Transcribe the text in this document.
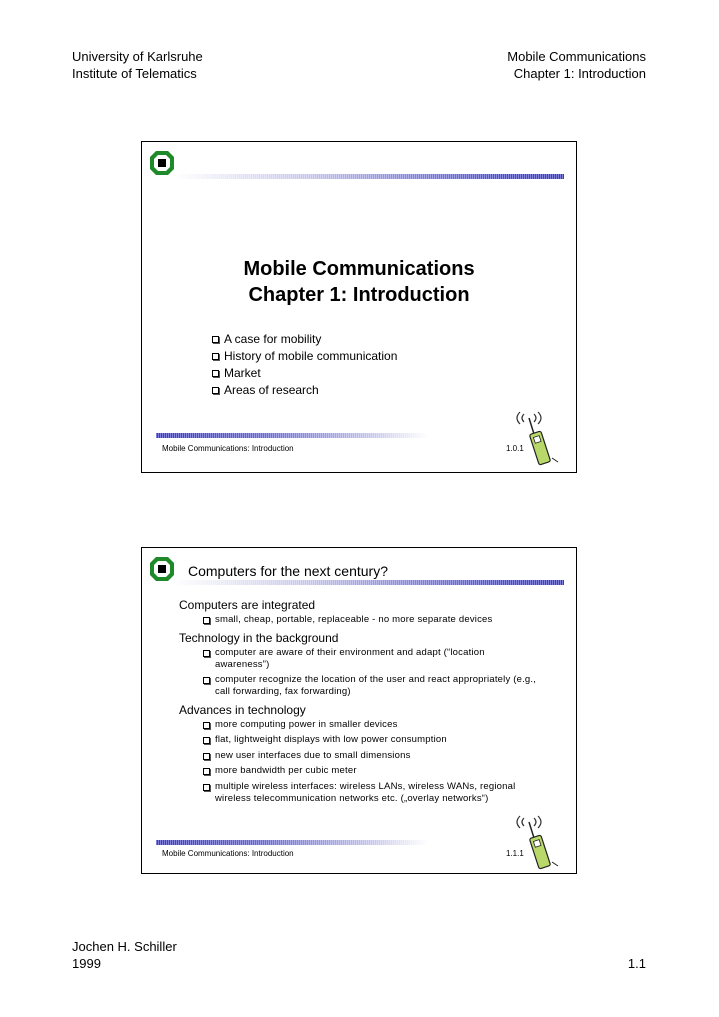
University of Karlsruhe
Institute of Telematics
Mobile Communications
Chapter 1: Introduction
Mobile Communications
Chapter 1: Introduction
A case for mobility
History of mobile communication
Market
Areas of research
Mobile Communications: Introduction	1.0.1
Computers for the next century?

Computers are integrated

small, cheap, portable, replaceable - no more separate devices

Technology in the background

computer are aware of their environment and adapt (“location awareness”)
computer recognize the location of the user and react appropriately (e.g., call forwarding, fax forwarding)

Advances in technology

more computing power in smaller devices
flat, lightweight displays with low power consumption
new user interfaces due to small dimensions
more bandwidth per cubic meter
multiple wireless interfaces: wireless LANs, wireless WANs, regional wireless telecommunication networks etc. („overlay networks“)
Mobile Communications: Introduction	1.1.1
Jochen H. Schiller
1999	1.1
